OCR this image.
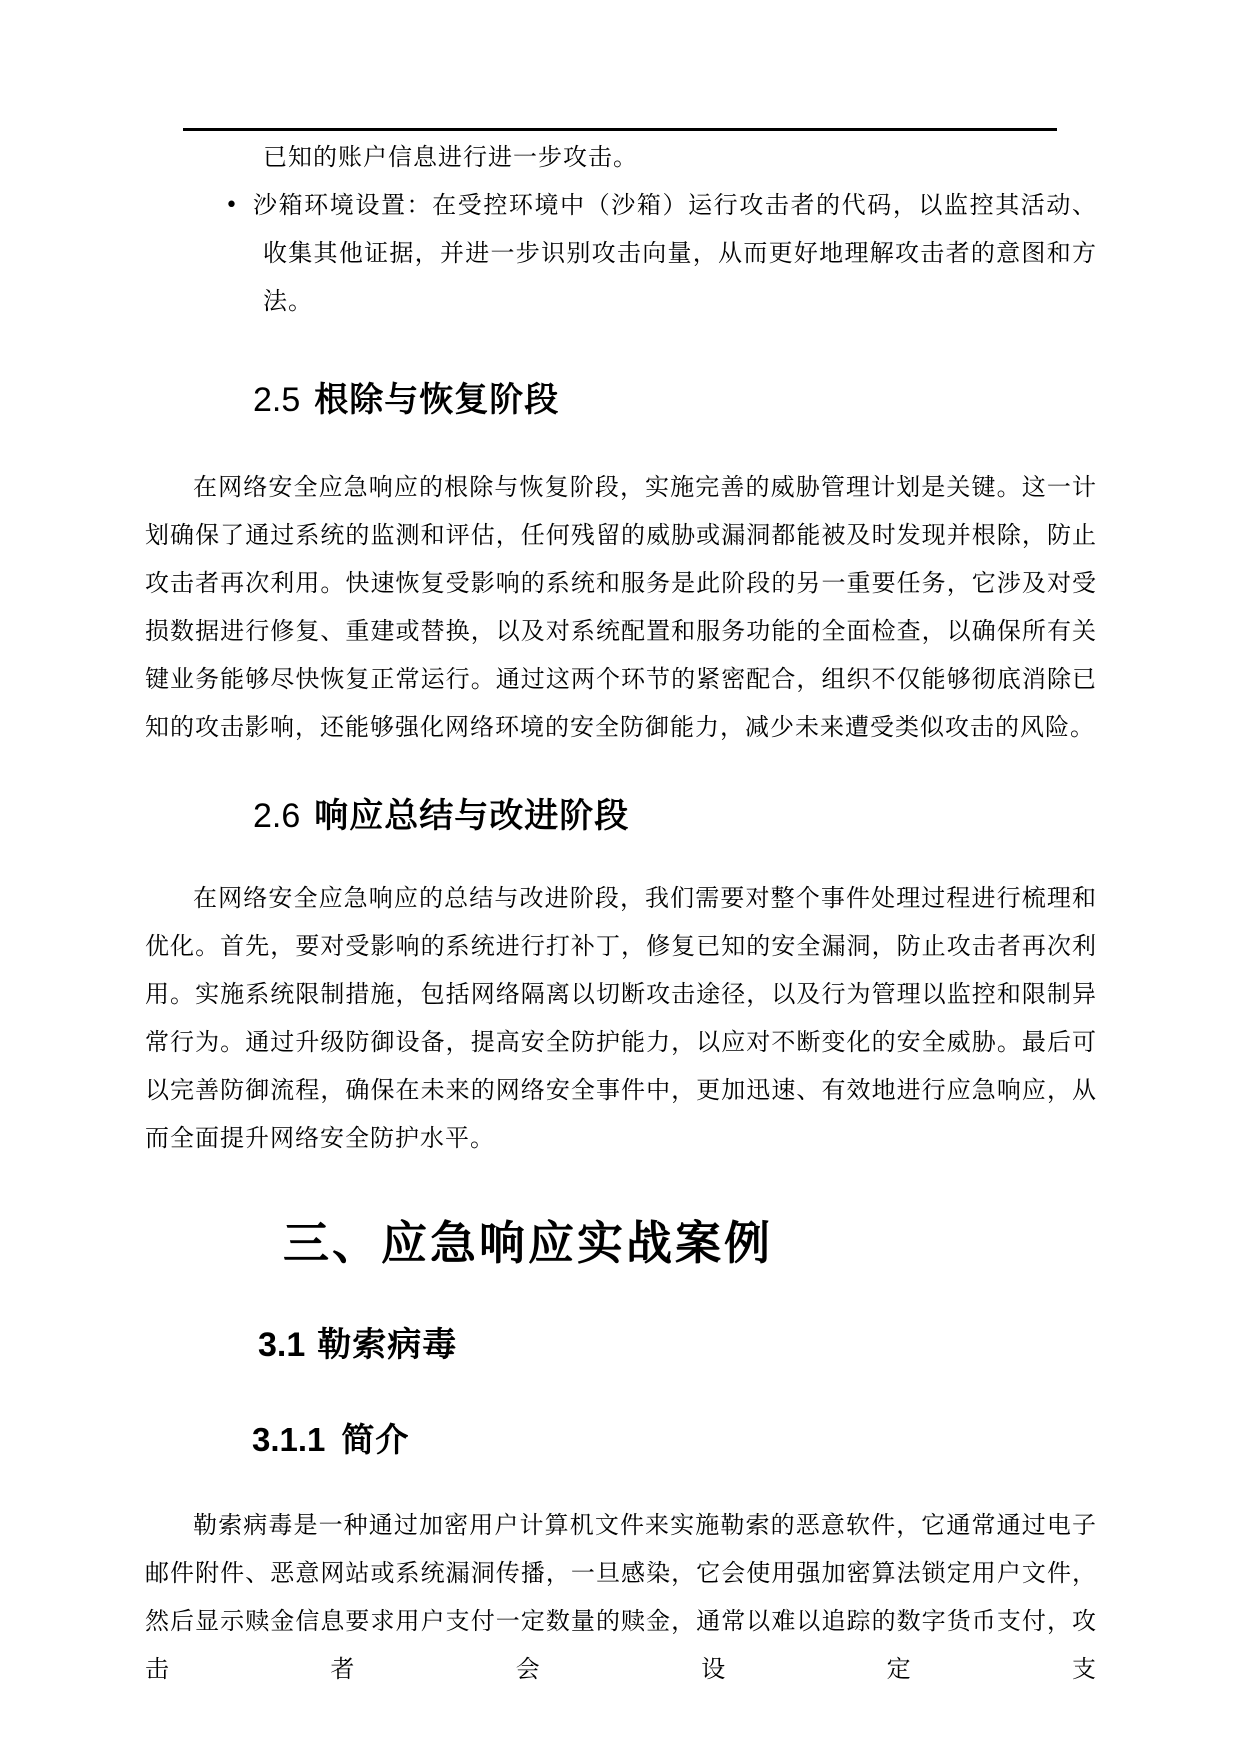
已知的账户信息进行进一步攻击。
• 沙箱环境设置：在受控环境中（沙箱）运行攻击者的代码，以监控其活动、收集其他证据，并进一步识别攻击向量，从而更好地理解攻击者的意图和方法。
2.5 根除与恢复阶段

在网络安全应急响应的根除与恢复阶段，实施完善的威胁管理计划是关键。这一计划确保了通过系统的监测和评估，任何残留的威胁或漏洞都能被及时发现并根除，防止攻击者再次利用。快速恢复受影响的系统和服务是此阶段的另一重要任务，它涉及对受损数据进行修复、重建或替换，以及对系统配置和服务功能的全面检查，以确保所有关键业务能够尽快恢复正常运行。通过这两个环节的紧密配合，组织不仅能够彻底消除已知的攻击影响，还能够强化网络环境的安全防御能力，减少未来遭受类似攻击的风险。

2.6 响应总结与改进阶段

在网络安全应急响应的总结与改进阶段，我们需要对整个事件处理过程进行梳理和优化。首先，要对受影响的系统进行打补丁，修复已知的安全漏洞，防止攻击者再次利用。实施系统限制措施，包括网络隔离以切断攻击途径，以及行为管理以监控和限制异常行为。通过升级防御设备，提高安全防护能力，以应对不断变化的安全威胁。最后可以完善防御流程，确保在未来的网络安全事件中，更加迅速、有效地进行应急响应，从而全面提升网络安全防护水平。

三、应急响应实战案例
3.1 勒索病毒
3.1.1 简介

勒索病毒是一种通过加密用户计算机文件来实施勒索的恶意软件，它通常通过电子邮件附件、恶意网站或系统漏洞传播，一旦感染，它会使用强加密算法锁定用户文件，然后显示赎金信息要求用户支付一定数量的赎金，通常以难以追踪的数字货币支付，攻击者会设定支
